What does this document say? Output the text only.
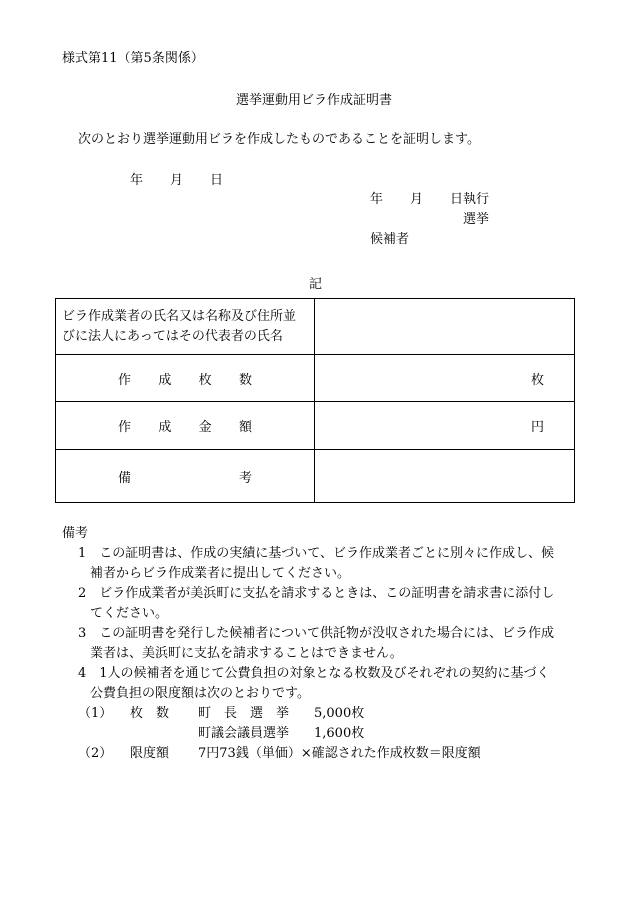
様式第11（第5条関係）
選挙運動用ビラ作成証明書
次のとおり選挙運動用ビラを作成したものであることを証明します。
年 月 日
年 月 日執行
選挙
候補者
記
ビラ作成業者の氏名又は名称及び住所並
びに法人にあってはその代表者の氏名	

作 成 枚 数	枚

作 成 金 額	円

備 考	

備考
1　この証明書は、作成の実績に基づいて、ビラ作成業者ごとに別々に作成し、候
補者からビラ作成業者に提出してください。
2　ビラ作成業者が美浜町に支払を請求するときは、この証明書を請求書に添付し
てください。
3　この証明書を発行した候補者について供託物が没収された場合には、ビラ作成
業者は、美浜町に支払を請求することはできません。
4　1人の候補者を通じて公費負担の対象となる枚数及びそれぞれの契約に基づく
公費負担の限度額は次のとおりです。
（1） 枚　数 町　長　選　挙 5,000枚
町議会議員選挙 1,600枚
（2） 限度額 7円73銭（単価）×確認された作成枚数＝限度額
